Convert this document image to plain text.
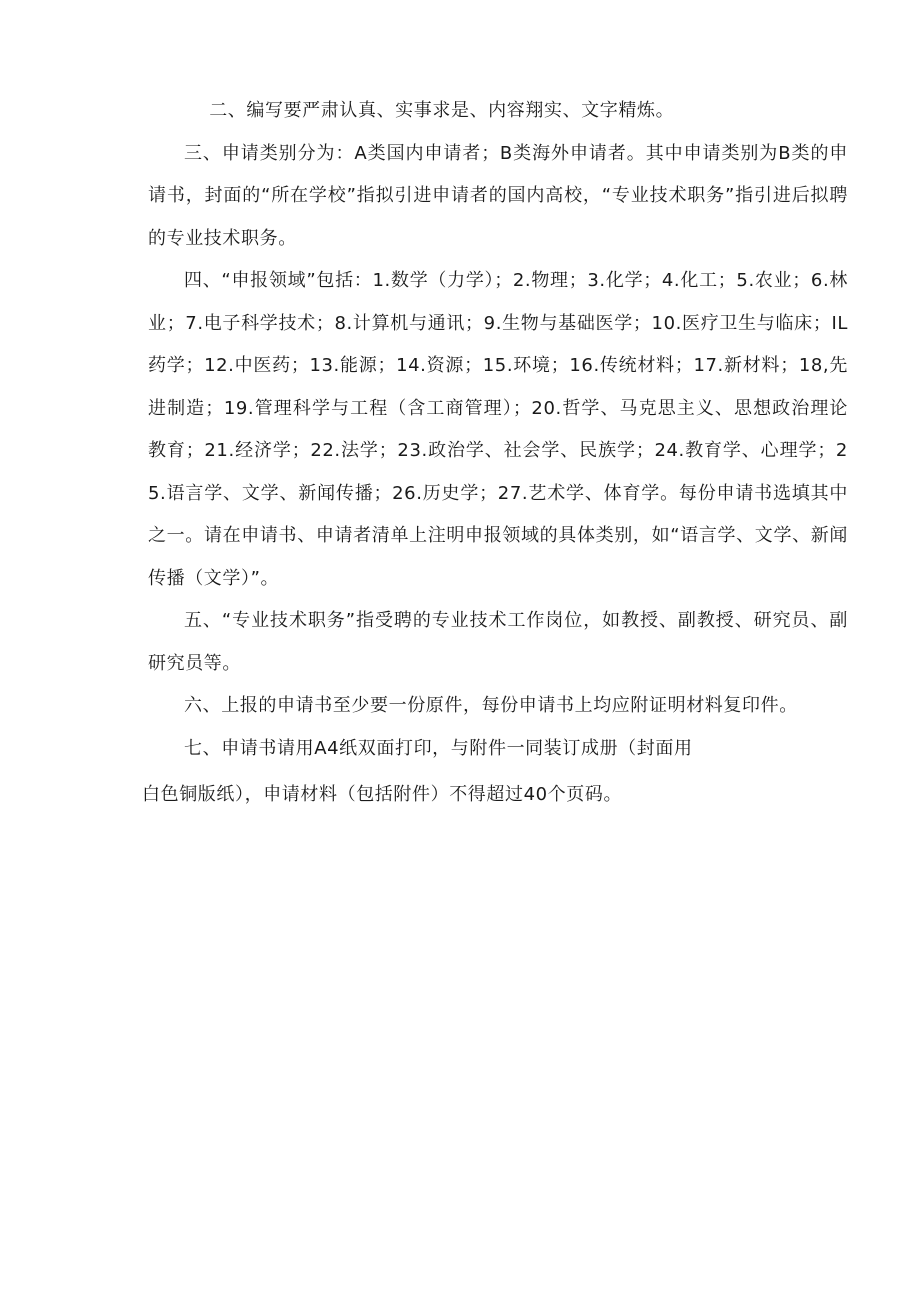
二、编写要严肃认真、实事求是、内容翔实、文字精炼。

三、申请类别分为：A类国内申请者；B类海外申请者。其中申请类别为B类的申请书，封面的“所在学校”指拟引进申请者的国内高校，“专业技术职务”指引进后拟聘的专业技术职务。

四、“申报领域”包括：1.数学（力学）；2.物理；3.化学；4.化工；5.农业；6.林业；7.电子科学技术；8.计算机与通讯；9.生物与基础医学；10.医疗卫生与临床；IL药学；12.中医药；13.能源；14.资源；15.环境；16.传统材料；17.新材料；18,先进制造；19.管理科学与工程（含工商管理）；20.哲学、马克思主义、思想政治理论教育；21.经济学；22.法学；23.政治学、社会学、民族学；24.教育学、心理学；25.语言学、文学、新闻传播；26.历史学；27.艺术学、体育学。每份申请书选填其中之一。请在申请书、申请者清单上注明申报领域的具体类别，如“语言学、文学、新闻传播（文学）”。

五、“专业技术职务”指受聘的专业技术工作岗位，如教授、副教授、研究员、副研究员等。

六、上报的申请书至少要一份原件，每份申请书上均应附证明材料复印件。

七、申请书请用A4纸双面打印，与附件一同装订成册（封面用

白色铜版纸），申请材料（包括附件）不得超过40个页码。
